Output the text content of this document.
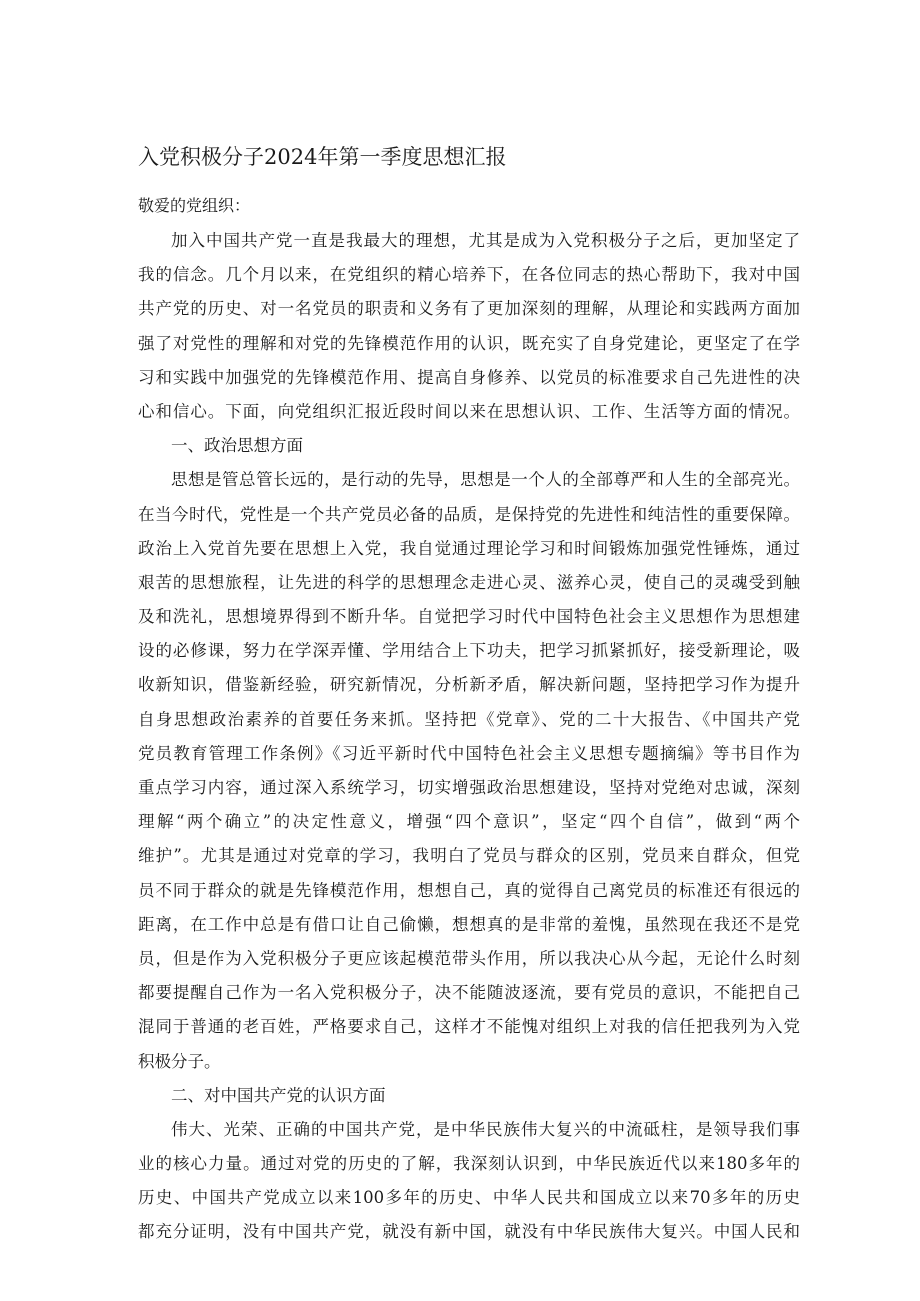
入党积极分子2024年第一季度思想汇报
敬爱的党组织：
加入中国共产党一直是我最大的理想，尤其是成为入党积极分子之后，更加坚定了
我的信念。几个月以来，在党组织的精心培养下，在各位同志的热心帮助下，我对中国
共产党的历史、对一名党员的职责和义务有了更加深刻的理解，从理论和实践两方面加
强了对党性的理解和对党的先锋模范作用的认识，既充实了自身党建论，更坚定了在学
习和实践中加强党的先锋模范作用、提高自身修养、以党员的标准要求自己先进性的决
心和信心。下面，向党组织汇报近段时间以来在思想认识、工作、生活等方面的情况。
一、政治思想方面
思想是管总管长远的，是行动的先导，思想是一个人的全部尊严和人生的全部亮光。
在当今时代，党性是一个共产党员必备的品质，是保持党的先进性和纯洁性的重要保障。
政治上入党首先要在思想上入党，我自觉通过理论学习和时间锻炼加强党性锤炼，通过
艰苦的思想旅程，让先进的科学的思想理念走进心灵、滋养心灵，使自己的灵魂受到触
及和洗礼，思想境界得到不断升华。自觉把学习时代中国特色社会主义思想作为思想建
设的必修课，努力在学深弄懂、学用结合上下功夫，把学习抓紧抓好，接受新理论，吸
收新知识，借鉴新经验，研究新情况，分析新矛盾，解决新问题，坚持把学习作为提升
自身思想政治素养的首要任务来抓。坚持把《党章》、党的二十大报告、《中国共产党
党员教育管理工作条例》《习近平新时代中国特色社会主义思想专题摘编》等书目作为
重点学习内容，通过深入系统学习，切实增强政治思想建设，坚持对党绝对忠诚，深刻
理解“两个确立”的决定性意义，增强“四个意识”，坚定“四个自信”，做到“两个
维护”。尤其是通过对党章的学习，我明白了党员与群众的区别，党员来自群众，但党
员不同于群众的就是先锋模范作用，想想自己，真的觉得自己离党员的标准还有很远的
距离，在工作中总是有借口让自己偷懒，想想真的是非常的羞愧，虽然现在我还不是党
员，但是作为入党积极分子更应该起模范带头作用，所以我决心从今起，无论什么时刻
都要提醒自己作为一名入党积极分子，决不能随波逐流，要有党员的意识，不能把自己
混同于普通的老百姓，严格要求自己，这样才不能愧对组织上对我的信任把我列为入党
积极分子。
二、对中国共产党的认识方面
伟大、光荣、正确的中国共产党，是中华民族伟大复兴的中流砥柱，是领导我们事
业的核心力量。通过对党的历史的了解，我深刻认识到，中华民族近代以来180多年的
历史、中国共产党成立以来100多年的历史、中华人民共和国成立以来70多年的历史
都充分证明，没有中国共产党，就没有新中国，就没有中华民族伟大复兴。中国人民和
